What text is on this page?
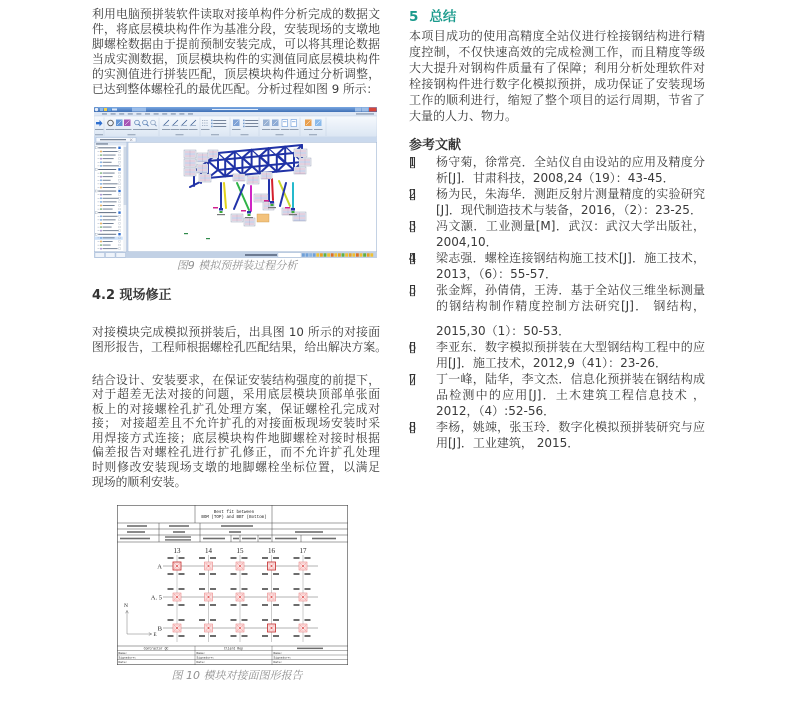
利用电脑预拼装软件读取对接单构件分析完成的数据文
件，将底层模块构件作为基准分段，安装现场的支墩地
脚螺栓数据由于提前预制安装完成，可以将其理论数据
当成实测数据，顶层模块构件的实测值同底层模块构件
的实测值进行拼装匹配，顶层模块构件通过分析调整，
已达到整体螺栓孔的最优匹配。分析过程如图 9 所示：
图9 模拟预拼装过程分析
4.2 现场修正
对接模块完成模拟预拼装后，出具图 10 所示的对接面
图形报告，工程师根据螺栓孔匹配结果，给出解决方案。
结合设计、安装要求，在保证安装结构强度的前提下，
对于超差无法对接的问题，采用底层模块顶部单张面
板上的对接螺栓孔扩孔处理方案，保证螺栓孔完成对
接； 对接超差且不允许扩孔的对接面板现场安装时采
用焊接方式连接；底层模块构件地脚螺栓对接时根据
偏差报告对螺栓孔进行扩孔修正，而不允许扩孔处理
时则修改安装现场支墩的地脚螺栓坐标位置，以满足
现场的顺利安装。
Best fit between
BOM (TOP) and BBT (Bottom)
13	14	15	16	17
A
A. 5
B
N
E
Contractor QC	Client Rep
Name:
Signature:
Date:
Name:
Signature:
Date:
Name:
Signature:
Date:
图 10 模块对接面图形报告
5 总结
本项目成功的使用高精度全站仪进行栓接钢结构进行精
度控制，不仅快速高效的完成检测工作，而且精度等级
大大提升对钢构件质量有了保障；利用分析处理软件对
栓接钢构件进行数字化模拟预拼，成功保证了安装现场
工作的顺利进行，缩短了整个项目的运行周期，节省了
大量的人力、物力。
参考文献
[1] 杨守菊，徐常亮．全站仪自由设站的应用及精度分
析[J]．甘肃科技，2008,24（19）：43-45．
[2] 杨为民，朱海华．测距反射片测量精度的实验研究
[J]．现代制造技术与装备，2016，（2）：23-25．
[3] 冯文灏．工业测量[M]．武汉：武汉大学出版社，
2004,10．
[4] 梁志强．螺栓连接钢结构施工技术[J]．施工技术，
2013，（6）：55-57．
[5] 张金辉，孙倩倩，王涛．基于全站仪三维坐标测量
的钢结构制作精度控制方法研究[J]． 钢结构，
2015,30（1）：50-53．
[6] 李亚东．数字模拟预拼装在大型钢结构工程中的应
用[J]．施工技术，2012,9（41）：23-26．
[7] 丁一峰，陆华，李文杰．信息化预拼装在钢结构成
品检测中的应用[J]．土木建筑工程信息技术 ，
2012，（4）:52-56．
[8] 李杨，姚竦，张玉玲．数字化模拟预拼装研究与应
用[J]．工业建筑， 2015．
